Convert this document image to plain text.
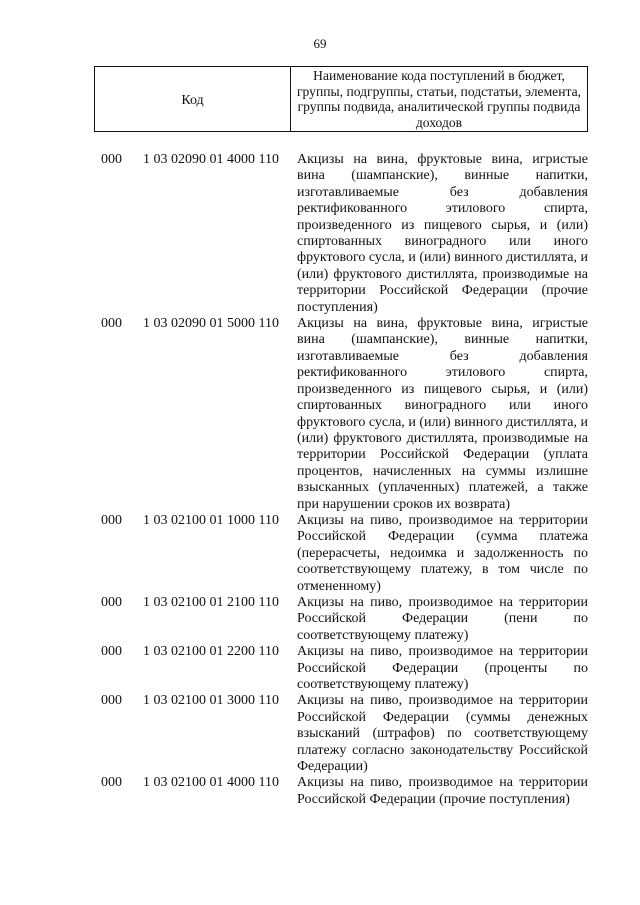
69
Код
Наименование кода поступлений в бюджет, группы, подгруппы, статьи, подстатьи, элемента, группы подвида, аналитической группы подвида доходов
000 1 03 02090 01 4000 110 Акцизы на вина, фруктовые вина, игристые вина (шампанские), винные напитки, изготавливаемые без добавления ректификованного этилового спирта, произведенного из пищевого сырья, и (или) спиртованных виноградного или иного фруктового сусла, и (или) винного дистиллята, и (или) фруктового дистиллята, производимые на территории Российской Федерации (прочие поступления)
000 1 03 02090 01 5000 110 Акцизы на вина, фруктовые вина, игристые вина (шампанские), винные напитки, изготавливаемые без добавления ректификованного этилового спирта, произведенного из пищевого сырья, и (или) спиртованных виноградного или иного фруктового сусла, и (или) винного дистиллята, и (или) фруктового дистиллята, производимые на территории Российской Федерации (уплата процентов, начисленных на суммы излишне взысканных (уплаченных) платежей, а также при нарушении сроков их возврата)
000 1 03 02100 01 1000 110 Акцизы на пиво, производимое на территории Российской Федерации (сумма платежа (перерасчеты, недоимка и задолженность по соответствующему платежу, в том числе по отмененному)
000 1 03 02100 01 2100 110 Акцизы на пиво, производимое на территории Российской Федерации (пени по соответствующему платежу)
000 1 03 02100 01 2200 110 Акцизы на пиво, производимое на территории Российской Федерации (проценты по соответствующему платежу)
000 1 03 02100 01 3000 110 Акцизы на пиво, производимое на территории Российской Федерации (суммы денежных взысканий (штрафов) по соответствующему платежу согласно законодательству Российской Федерации)
000 1 03 02100 01 4000 110 Акцизы на пиво, производимое на территории Российской Федерации (прочие поступления)
